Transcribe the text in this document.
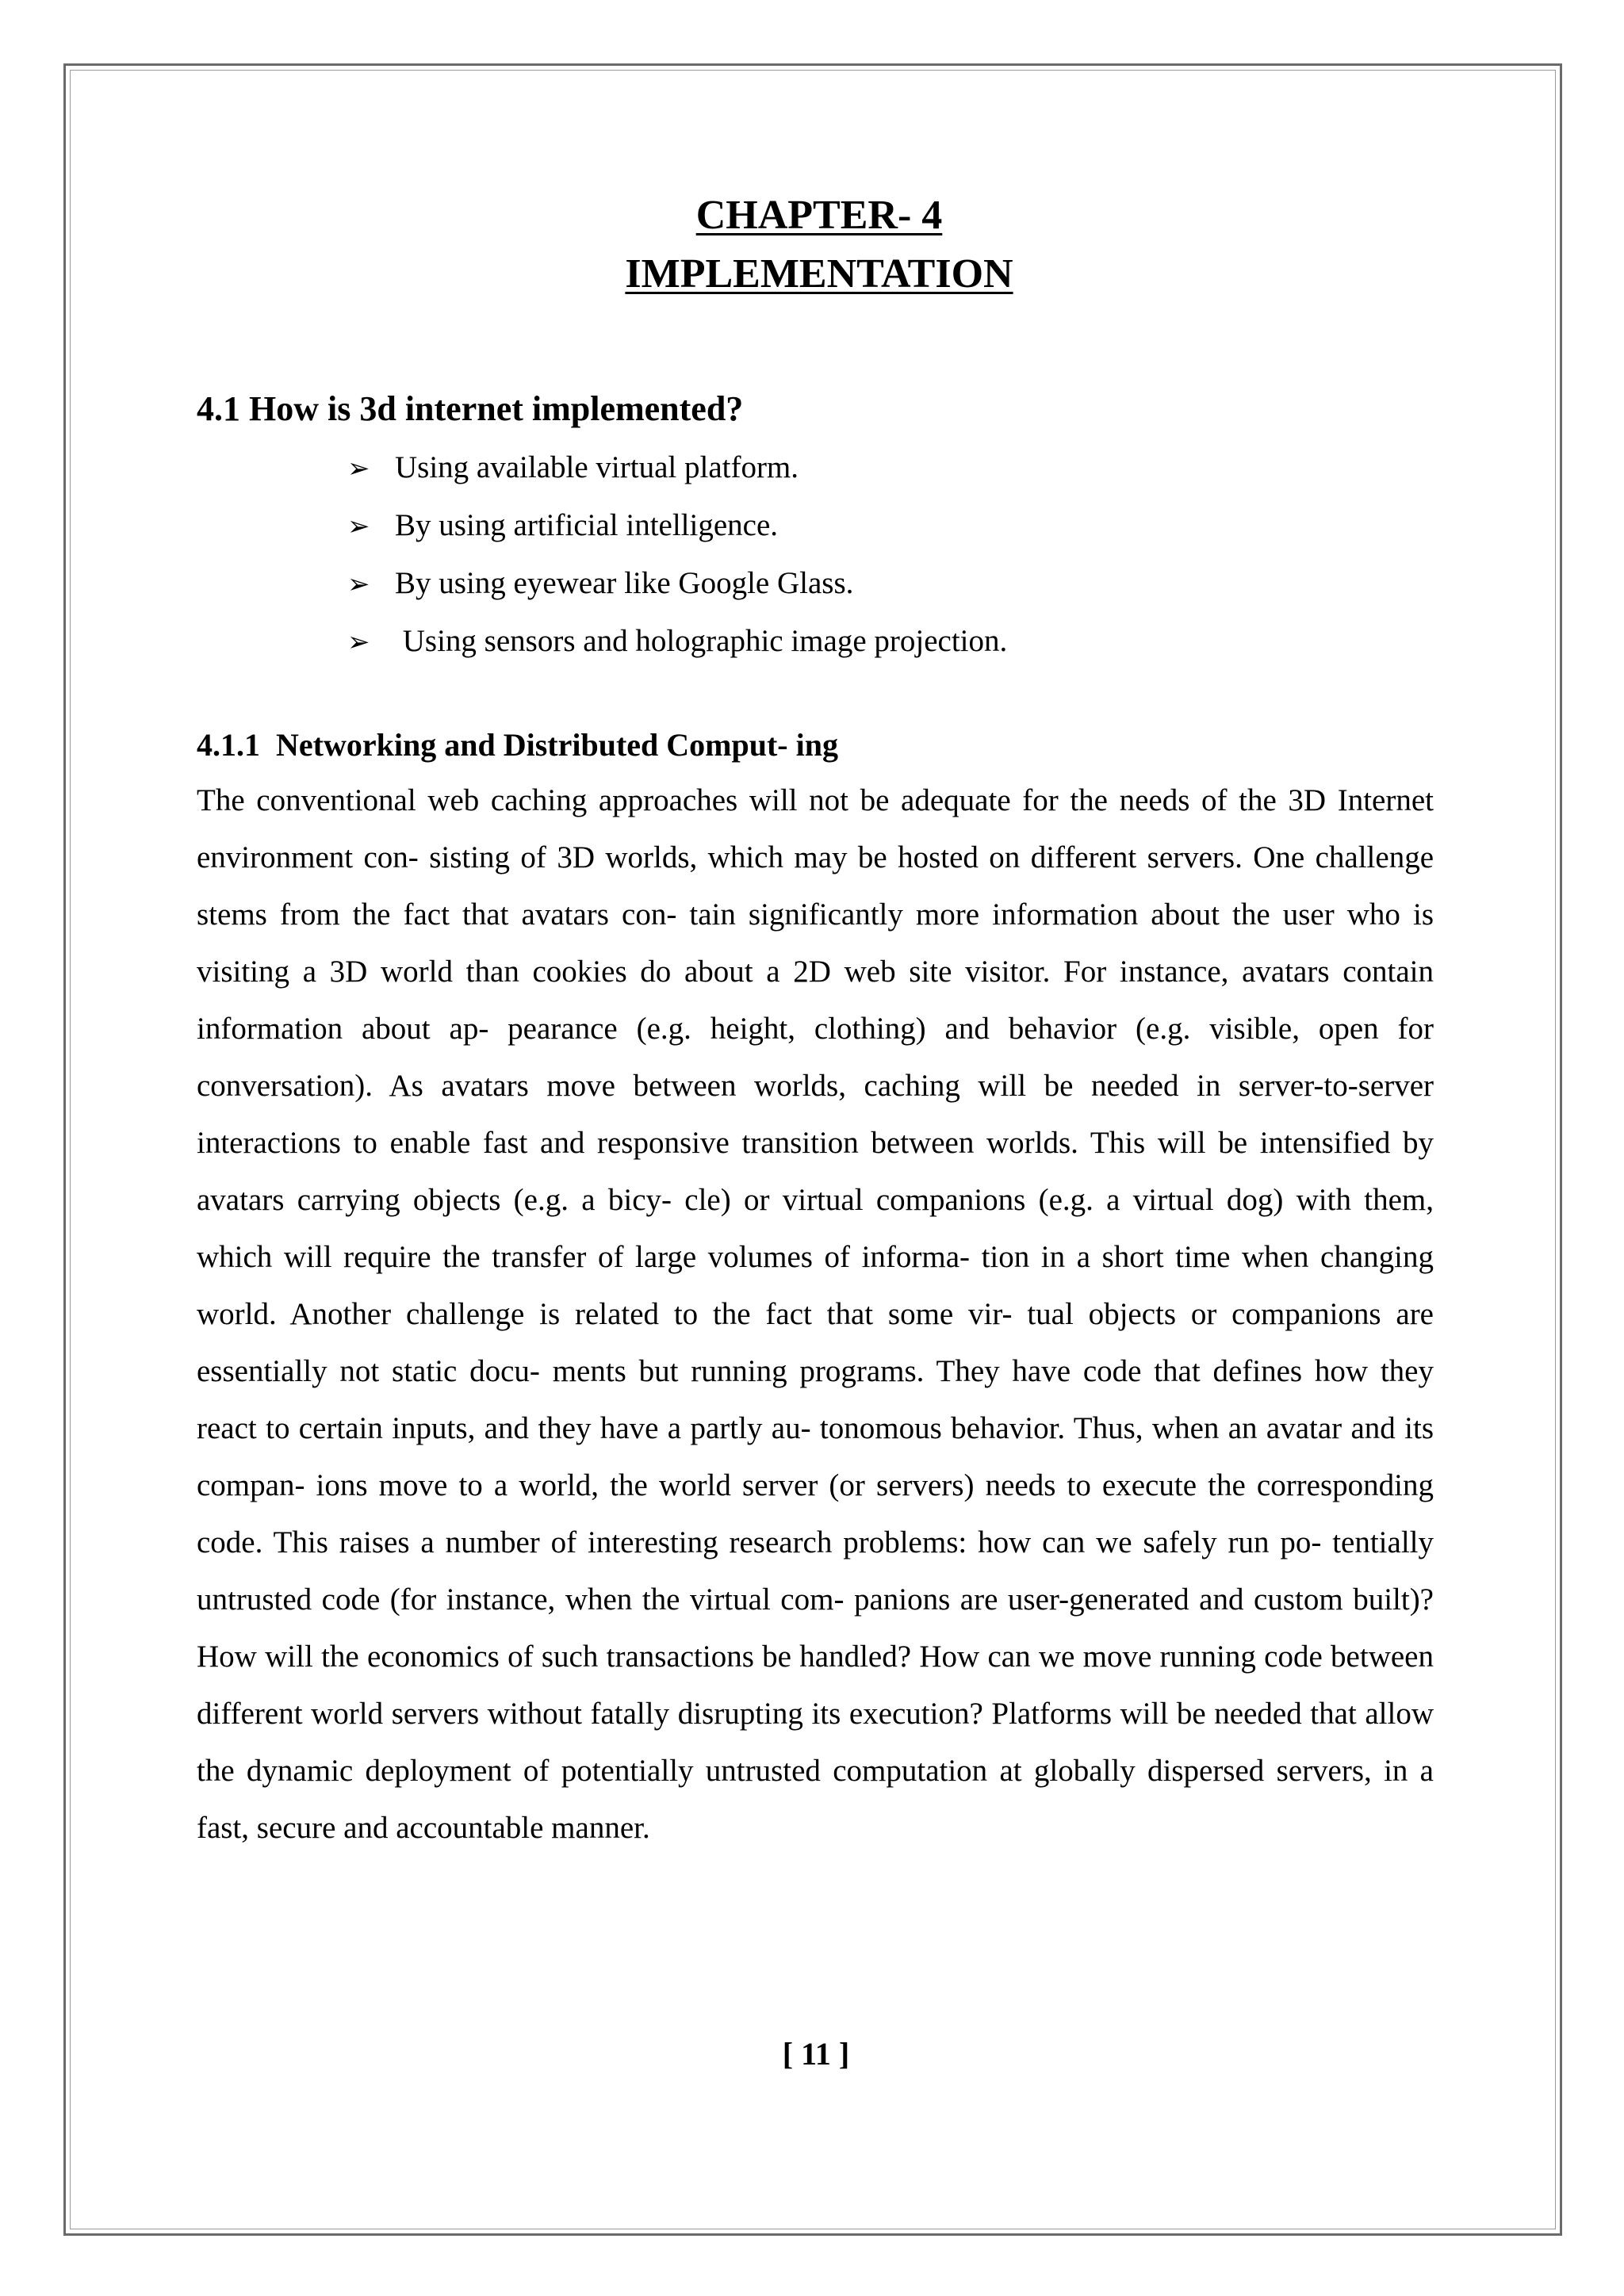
CHAPTER- 4
IMPLEMENTATION
4.1 How is 3d internet implemented?
➢ Using available virtual platform.
➢ By using artificial intelligence.
➢ By using eyewear like Google Glass.
➢ Using sensors and holographic image projection.
4.1.1  Networking and Distributed Comput- ing

The conventional web caching approaches will not be adequate for the needs of the 3D Internet environment con- sisting of 3D worlds, which may be hosted on different servers. One challenge stems from the fact that avatars con- tain significantly more information about the user who is visiting a 3D world than cookies do about a 2D web site visitor. For instance, avatars contain information about ap- pearance (e.g. height, clothing) and behavior (e.g. visible, open for conversation). As avatars move between worlds, caching will be needed in server-to-server interactions to enable fast and responsive transition between worlds. This will be intensified by avatars carrying objects (e.g. a bicy- cle) or virtual companions (e.g. a virtual dog) with them, which will require the transfer of large volumes of informa- tion in a short time when changing world. Another challenge is related to the fact that some vir- tual objects or companions are essentially not static docu- ments but running programs. They have code that defines how they react to certain inputs, and they have a partly au- tonomous behavior. Thus, when an avatar and its compan- ions move to a world, the world server (or servers) needs to execute the corresponding code. This raises a number of interesting research problems: how can we safely run po- tentially untrusted code (for instance, when the virtual com- panions are user-generated and custom built)? How will the economics of such transactions be handled? How can we move running code between different world servers without fatally disrupting its execution? Platforms will be needed that allow the dynamic deployment of potentially untrusted computation at globally dispersed servers, in a fast, secure and accountable manner.

[ 11 ]
